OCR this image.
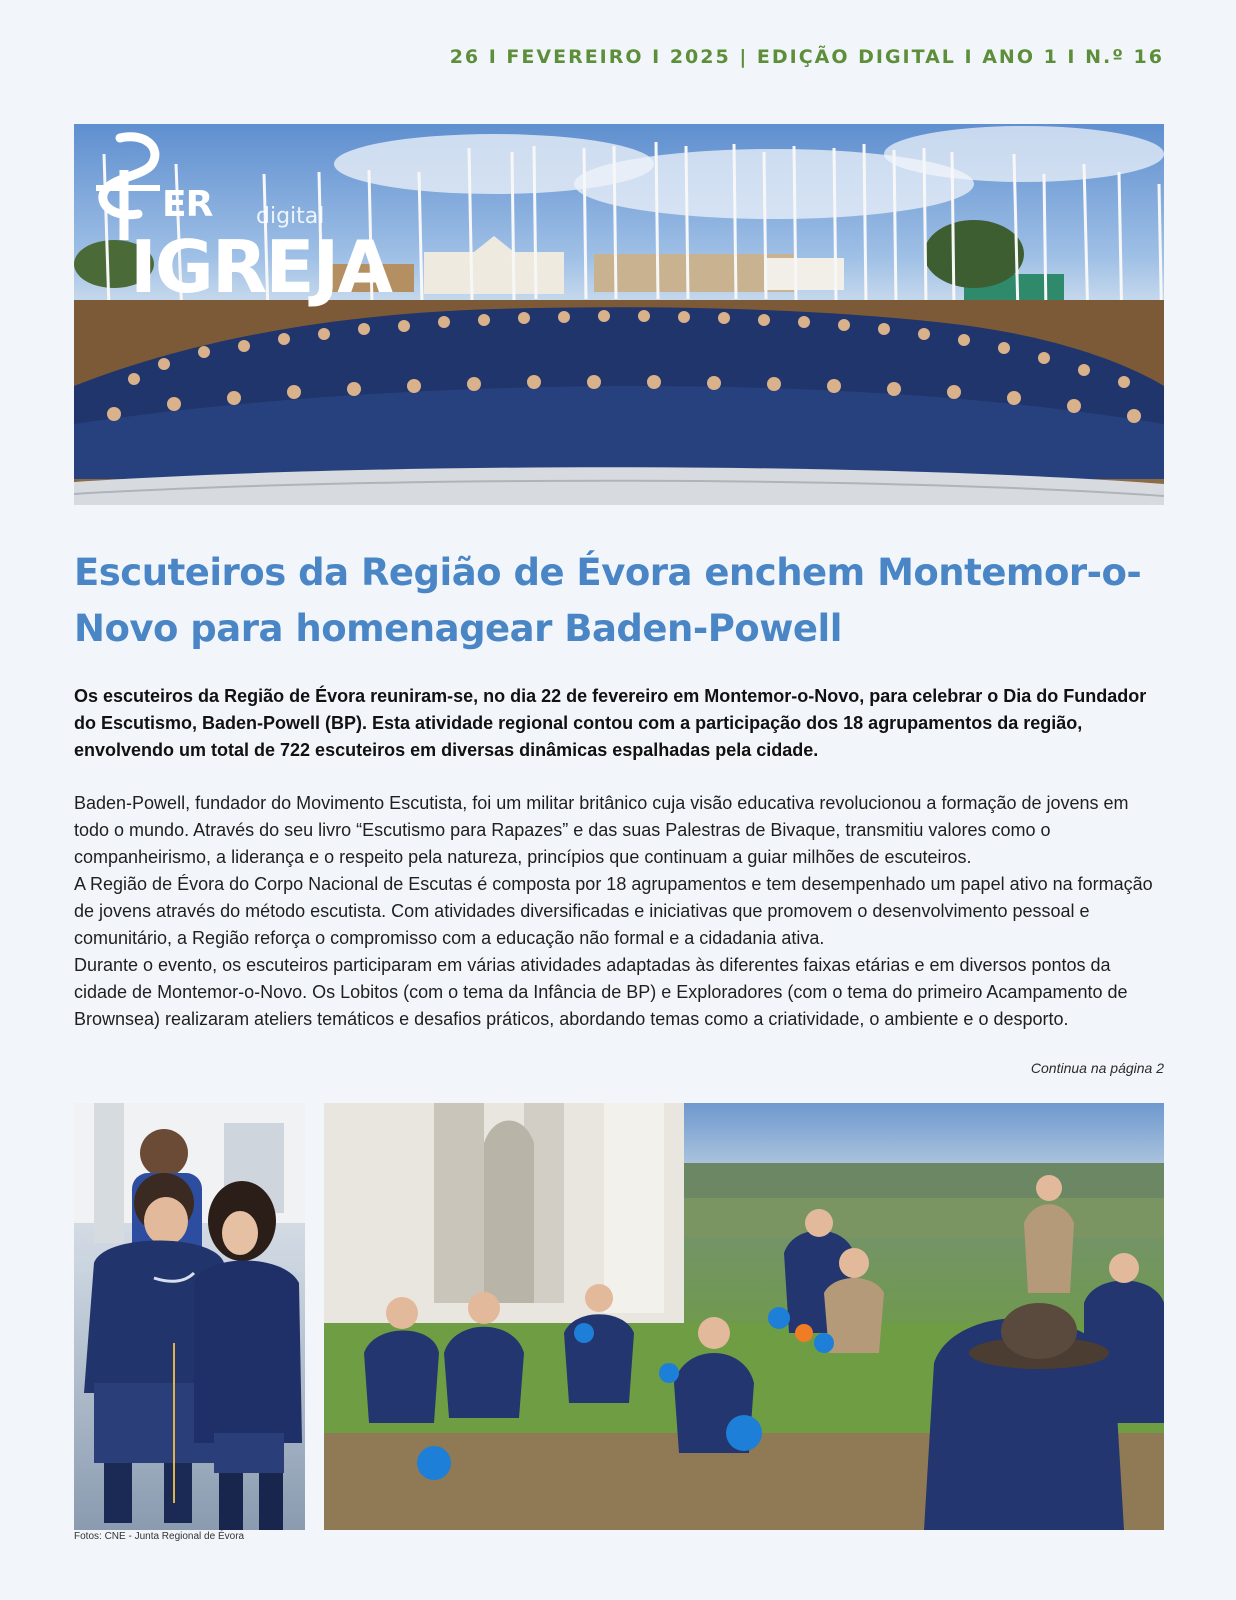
26 I FEVEREIRO I 2025 | EDIÇÃO DIGITAL I ANO 1 I N.º 16
ER digital
IGREJA
Escuteiros da Região de Évora enchem Montemor-o-Novo para homenagear Baden-Powell

Os escuteiros da Região de Évora reuniram-se, no dia 22 de fevereiro em Montemor-o-Novo, para celebrar o Dia do Fundador do Escutismo, Baden-Powell (BP). Esta atividade regional contou com a participação dos 18 agrupamentos da região, envolvendo um total de 722 escuteiros em diversas dinâmicas espalhadas pela cidade.

Baden-Powell, fundador do Movimento Escutista, foi um militar britânico cuja visão educativa revolucionou a formação de jovens em todo o mundo. Através do seu livro “Escutismo para Rapazes” e das suas Palestras de Bivaque, transmitiu valores como o companheirismo, a liderança e o respeito pela natureza, princípios que continuam a guiar milhões de escuteiros.

A Região de Évora do Corpo Nacional de Escutas é composta por 18 agrupamentos e tem desempenhado um papel ativo na formação de jovens através do método escutista. Com atividades diversificadas e iniciativas que promovem o desenvolvimento pessoal e comunitário, a Região reforça o compromisso com a educação não formal e a cidadania ativa.

Durante o evento, os escuteiros participaram em várias atividades adaptadas às diferentes faixas etárias e em diversos pontos da cidade de Montemor-o-Novo. Os Lobitos (com o tema da Infância de BP) e Exploradores (com o tema do primeiro Acampamento de Brownsea) realizaram ateliers temáticos e desafios práticos, abordando temas como a criatividade, o ambiente e o desporto.

Continua na página 2
Fotos: CNE - Junta Regional de Évora
